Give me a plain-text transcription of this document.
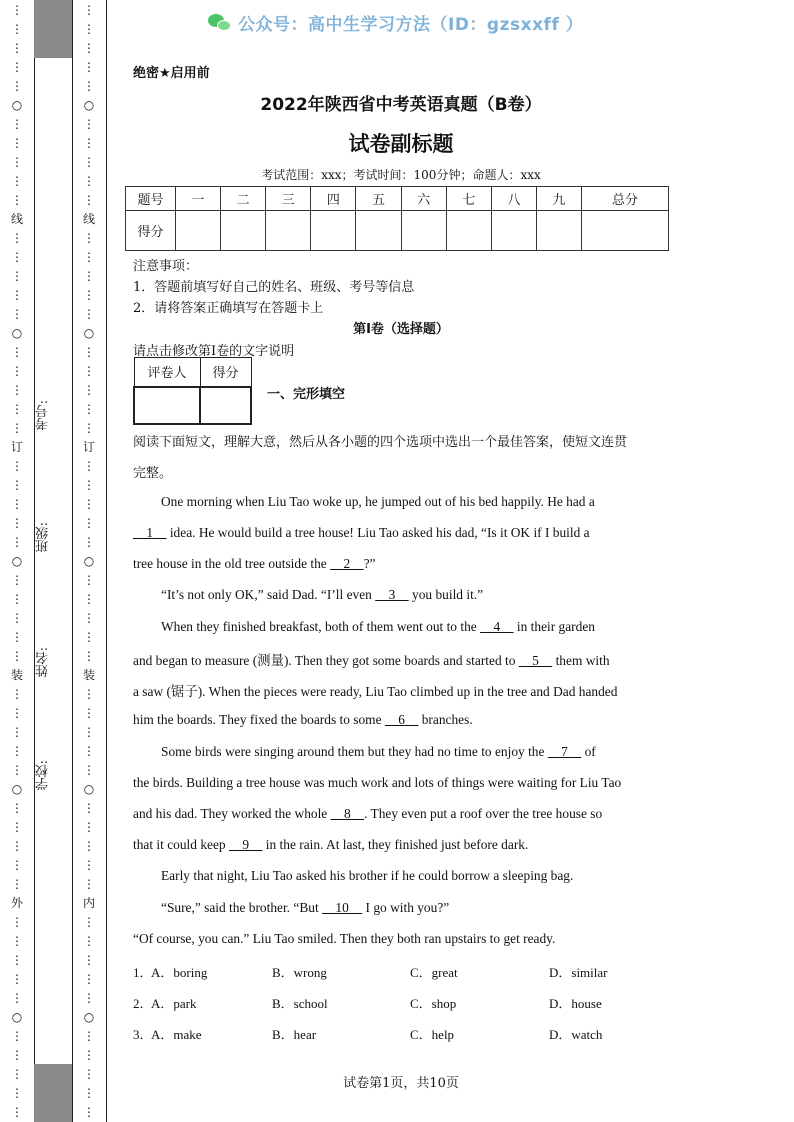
⋮
⋮
⋮
⋮
⋮
○
⋮
⋮
⋮
⋮
⋮
线
⋮
⋮
⋮
⋮
⋮
○
⋮
⋮
⋮
⋮
⋮
订
⋮
⋮
⋮
⋮
⋮
○
⋮
⋮
⋮
⋮
⋮
装
⋮
⋮
⋮
⋮
⋮
○
⋮
⋮
⋮
⋮
⋮
外
⋮
⋮
⋮
⋮
⋮
○
⋮
⋮
⋮
⋮
⋮
考号:
班级:
姓名:
学校:
⋮
⋮
⋮
⋮
⋮
○
⋮
⋮
⋮
⋮
⋮
线
⋮
⋮
⋮
⋮
⋮
○
⋮
⋮
⋮
⋮
⋮
订
⋮
⋮
⋮
⋮
⋮
○
⋮
⋮
⋮
⋮
⋮
装
⋮
⋮
⋮
⋮
⋮
○
⋮
⋮
⋮
⋮
⋮
内
⋮
⋮
⋮
⋮
⋮
○
⋮
⋮
⋮
⋮
⋮
公众号：高中生学习方法（ID：gzsxxff ）
绝密★启用前
2022年陕西省中考英语真题（B卷）
试卷副标题
考试范围：xxx；考试时间：100分钟；命题人：xxx
题号	一	二	三	四	五	六	七	八	九	总分
得分										
注意事项：
1．答题前填写好自己的姓名、班级、考号等信息
2．请将答案正确填写在答题卡上
第I卷（选择题）
请点击修改第I卷的文字说明
评卷人	得分

一、完形填空
阅读下面短文，理解大意，然后从各小题的四个选项中选出一个最佳答案，使短文连贯
完整。

One morning when Liu Tao woke up, he jumped out of his bed happily. He had a

1     idea. He would build a tree house! Liu Tao asked his dad, “Is it OK if I build a

tree house in the old tree outside the     2    ?”

“It’s not only OK,” said Dad. “I’ll even     3     you build it.”

When they finished breakfast, both of them went out to the     4     in their garden

and began to measure (测量). Then they got some boards and started to     5     them with

a saw (锯子). When the pieces were ready, Liu Tao climbed up in the tree and Dad handed

him the boards. They fixed the boards to some     6     branches.

Some birds were singing around them but they had no time to enjoy the     7     of

the birds. Building a tree house was much work and lots of things were waiting for Liu Tao

and his dad. They worked the whole     8    . They even put a roof over the tree house so

that it could keep     9     in the rain. At last, they finished just before dark.

Early that night, Liu Tao asked his brother if he could borrow a sleeping bag.

“Sure,” said the brother. “But     10     I go with you?”

“Of course, you can.” Liu Tao smiled. Then they both ran upstairs to get ready.

1．
A．boring	B．wrong	C．great	D．similar
2．
A．park	B．school	C．shop	D．house
3．
A．make	B．hear	C．help	D．watch
试卷第1页，共10页
